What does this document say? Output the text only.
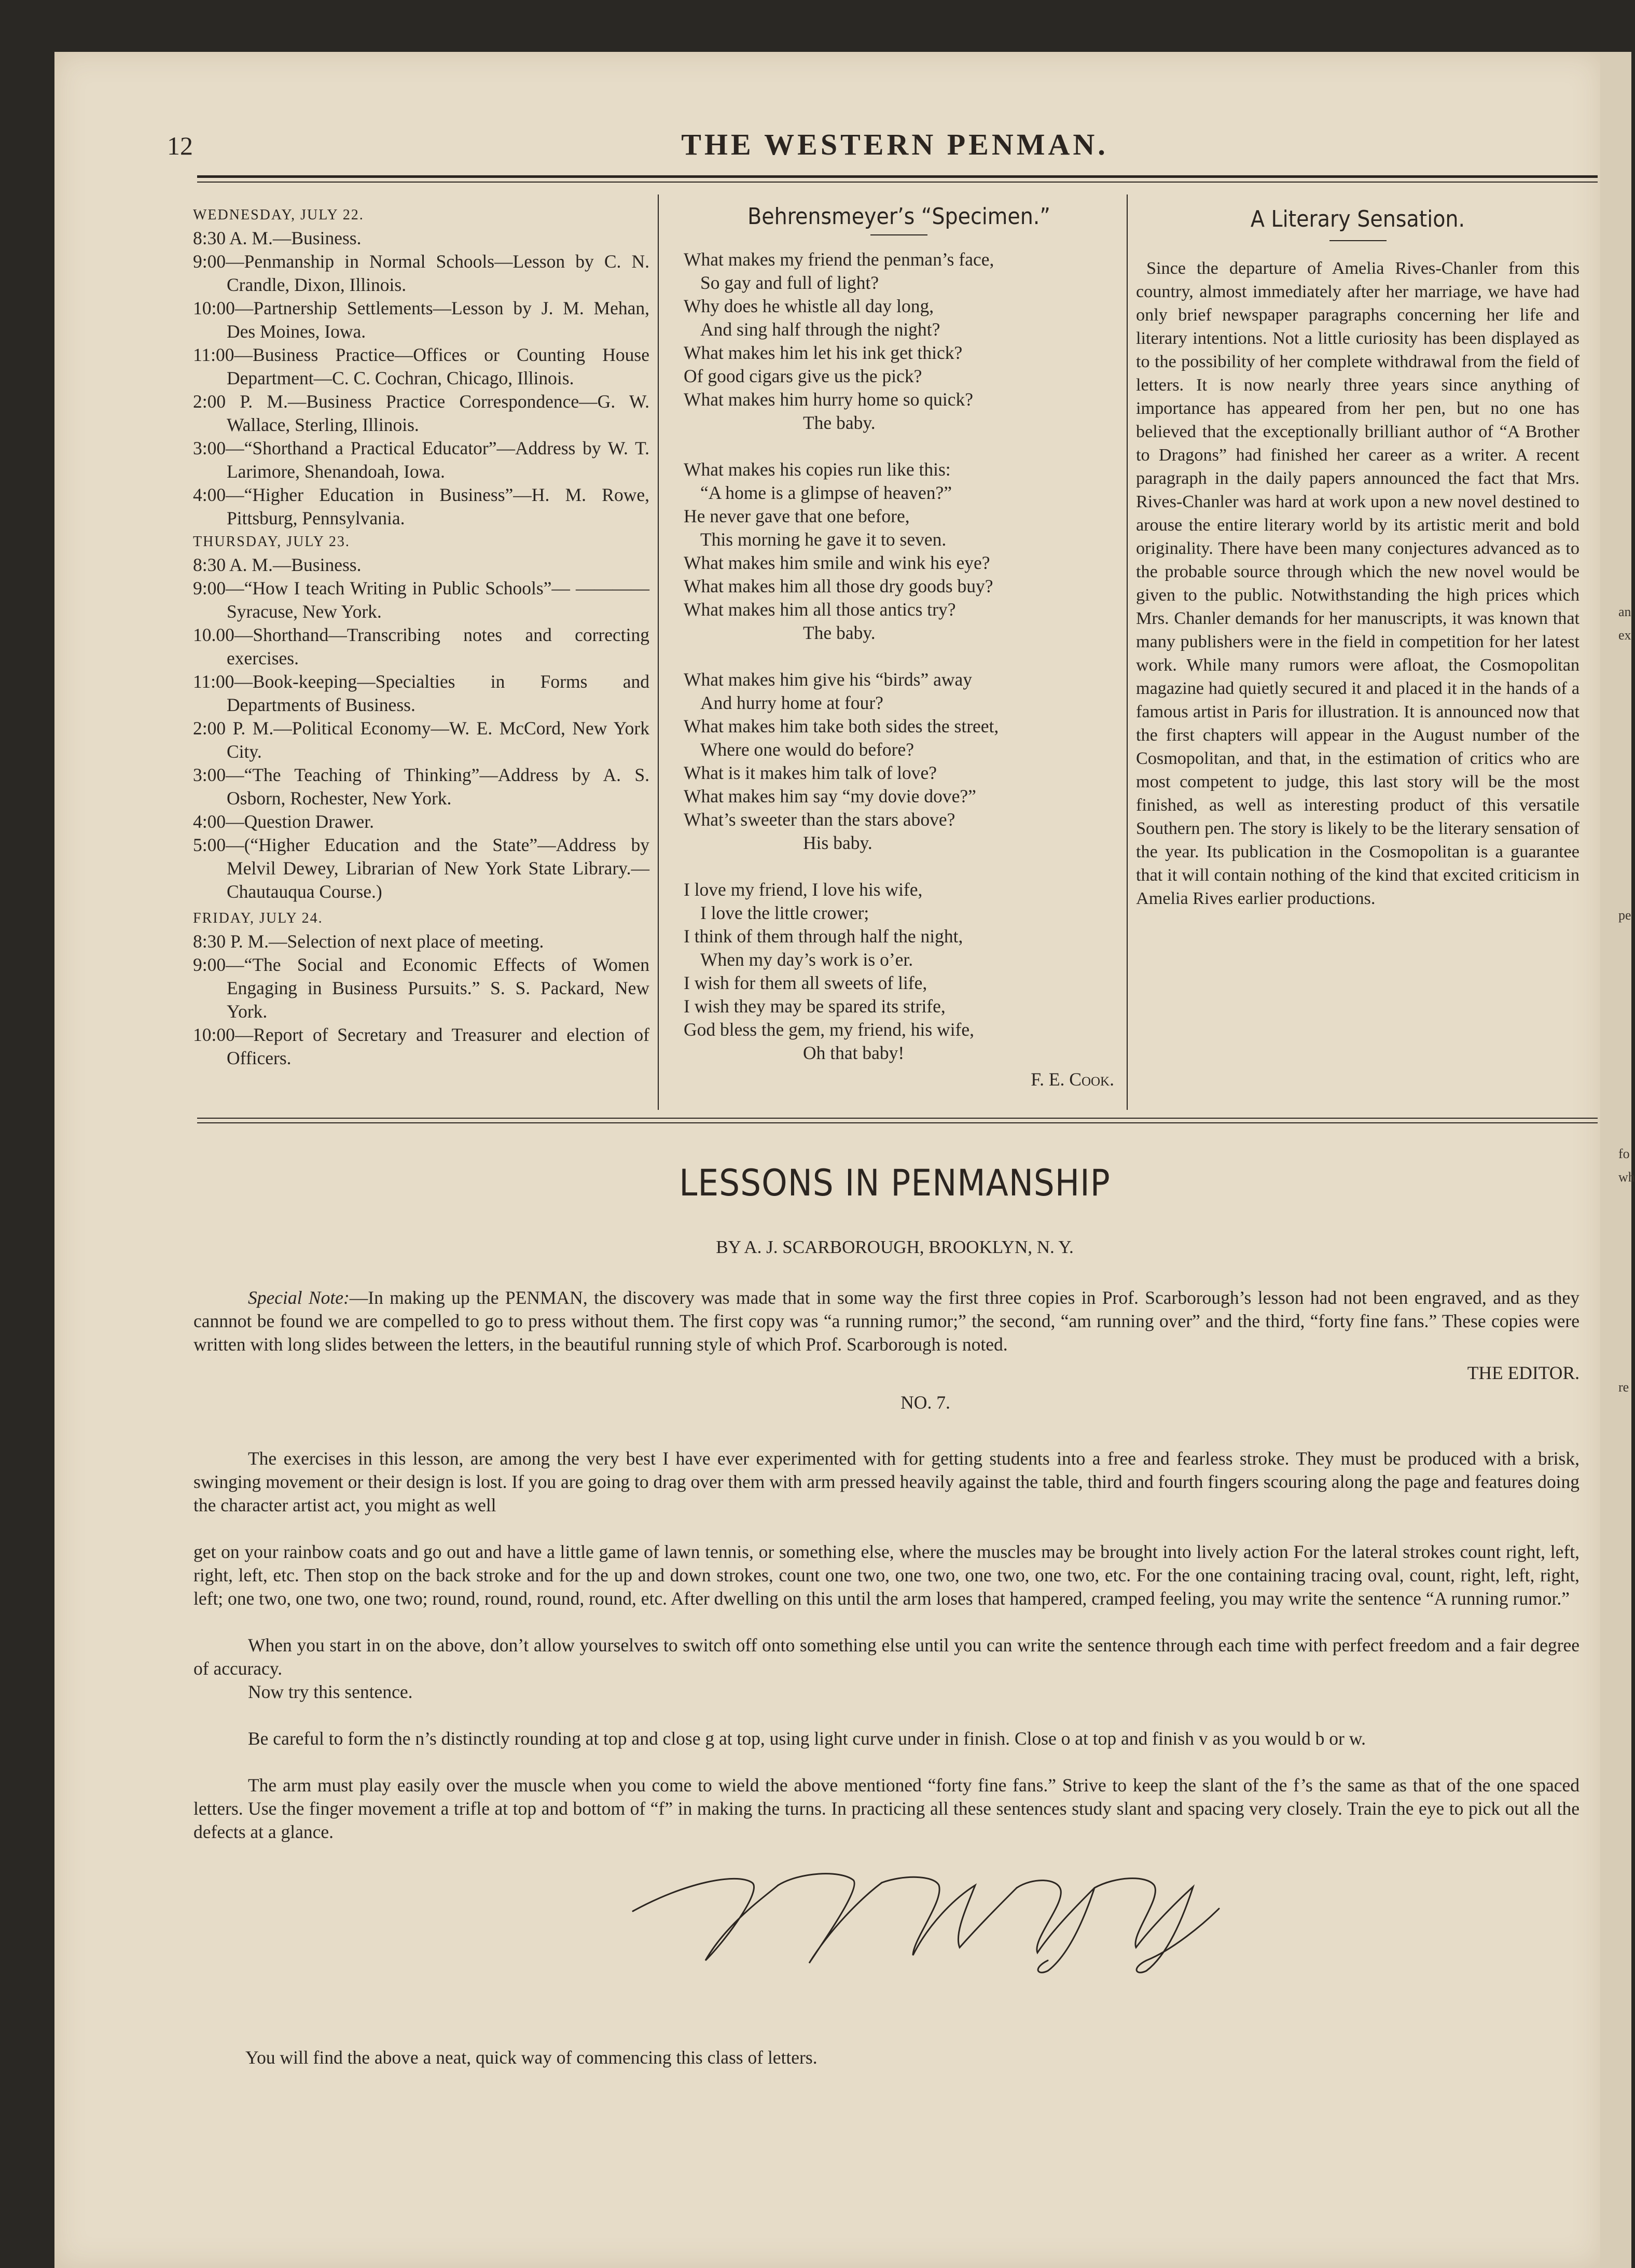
an
ex
pe
fo
wh
re
12	THE WESTERN PENMAN.

WEDNESDAY, JULY 22.

8:30 A. M.—Business.

9:00—Penmanship in Normal Schools—Lesson by C. N. Crandle, Dixon, Illinois.

10:00—Partnership Settlements—Lesson by J. M. Mehan, Des Moines, Iowa.

11:00—Business Practice—Offices or Counting House Department—C. C. Cochran, Chicago, Illinois.

2:00 P. M.—Business Practice Correspondence—G. W. Wallace, Sterling, Illinois.

3:00—“Shorthand a Practical Educator”—Address by W. T. Larimore, Shenandoah, Iowa.

4:00—“Higher Education in Business”—H. M. Rowe, Pittsburg, Pennsylvania.

THURSDAY, JULY 23.

8:30 A. M.—Business.

9:00—“How I teach Writing in Public Schools”— ————Syracuse, New York.

10.00—Shorthand—Transcribing notes and correcting exercises.

11:00—Book-keeping—Specialties in Forms and Departments of Business.

2:00 P. M.—Political Economy—W. E. McCord, New York City.

3:00—“The Teaching of Thinking”—Address by A. S. Osborn, Rochester, New York.

4:00—Question Drawer.

5:00—(“Higher Education and the State”—Address by Melvil Dewey, Librarian of New York State Library.—Chautauqua Course.)

FRIDAY, JULY 24.

8:30 P. M.—Selection of next place of meeting.

9:00—“The Social and Economic Effects of Women Engaging in Business Pursuits.” S. S. Packard, New York.

10:00—Report of Secretary and Treasurer and election of Officers.

Behrensmeyer’s “Specimen.”

What makes my friend the penman’s face,

So gay and full of light?

Why does he whistle all day long,

And sing half through the night?

What makes him let his ink get thick?

Of good cigars give us the pick?

What makes him hurry home so quick?

The baby.

What makes his copies run like this:

“A home is a glimpse of heaven?”

He never gave that one before,

This morning he gave it to seven.

What makes him smile and wink his eye?

What makes him all those dry goods buy?

What makes him all those antics try?

The baby.

What makes him give his “birds” away

And hurry home at four?

What makes him take both sides the street,

Where one would do before?

What is it makes him talk of love?

What makes him say “my dovie dove?”

What’s sweeter than the stars above?

His baby.

I love my friend, I love his wife,

I love the little crower;

I think of them through half the night,

When my day’s work is o’er.

I wish for them all sweets of life,

I wish they may be spared its strife,

God bless the gem, my friend, his wife,

Oh that baby!

F. E. Cook.

A Literary Sensation.

Since the departure of Amelia Rives-Chanler from this country, almost immediately after her marriage, we have had only brief newspaper paragraphs concerning her life and literary intentions. Not a little curiosity has been displayed as to the possibility of her complete withdrawal from the field of letters. It is now nearly three years since anything of importance has appeared from her pen, but no one has believed that the exceptionally brilliant author of “A Brother to Dragons” had finished her career as a writer. A recent paragraph in the daily papers announced the fact that Mrs. Rives-Chanler was hard at work upon a new novel destined to arouse the entire literary world by its artistic merit and bold originality. There have been many conjectures advanced as to the probable source through which the new novel would be given to the public. Notwithstanding the high prices which Mrs. Chanler demands for her manuscripts, it was known that many publishers were in the field in competition for her latest work. While many rumors were afloat, the Cosmopolitan magazine had quietly secured it and placed it in the hands of a famous artist in Paris for illustration. It is announced now that the first chapters will appear in the August number of the Cosmopolitan, and that, in the estimation of critics who are most competent to judge, this last story will be the most finished, as well as interesting product of this versatile Southern pen. The story is likely to be the literary sensation of the year. Its publication in the Cosmopolitan is a guarantee that it will contain nothing of the kind that excited criticism in Amelia Rives earlier productions.

LESSONS IN PENMANSHIP
BY A. J. SCARBOROUGH, BROOKLYN, N. Y.

Special Note:—In making up the PENMAN, the discovery was made that in some way the first three copies in Prof. Scarborough’s lesson had not been engraved, and as they cannnot be found we are compelled to go to press without them. The first copy was “a running rumor;” the second, “am running over” and the third, “forty fine fans.” These copies were written with long slides between the letters, in the beautiful running style of which Prof. Scarborough is noted.

THE EDITOR.

NO. 7.

The exercises in this lesson, are among the very best I have ever experimented with for getting students into a free and fearless stroke. They must be produced with a brisk, swinging movement or their design is lost. If you are going to drag over them with arm pressed heavily against the table, third and fourth fingers scouring along the page and features doing the character artist act, you might as well

get on your rainbow coats and go out and have a little game of lawn tennis, or something else, where the muscles may be brought into lively action For the lateral strokes count right, left, right, left, etc. Then stop on the back stroke and for the up and down strokes, count one two, one two, one two, one two, etc. For the one containing tracing oval, count, right, left, right, left; one two, one two, one two; round, round, round, round, etc. After dwelling on this until the arm loses that hampered, cramped feeling, you may write the sentence “A running rumor.”

When you start in on the above, don’t allow yourselves to switch off onto something else until you can write the sentence through each time with perfect freedom and a fair degree of accuracy.

Now try this sentence.

Be careful to form the n’s distinctly rounding at top and close g at top, using light curve under in finish. Close o at top and finish v as you would b or w.

The arm must play easily over the muscle when you come to wield the above mentioned “forty fine fans.” Strive to keep the slant of the f’s the same as that of the one spaced letters. Use the finger movement a trifle at top and bottom of “f” in making the turns. In practicing all these sentences study slant and spacing very closely. Train the eye to pick out all the defects at a glance.

You will find the above a neat, quick way of commencing this class of letters.
